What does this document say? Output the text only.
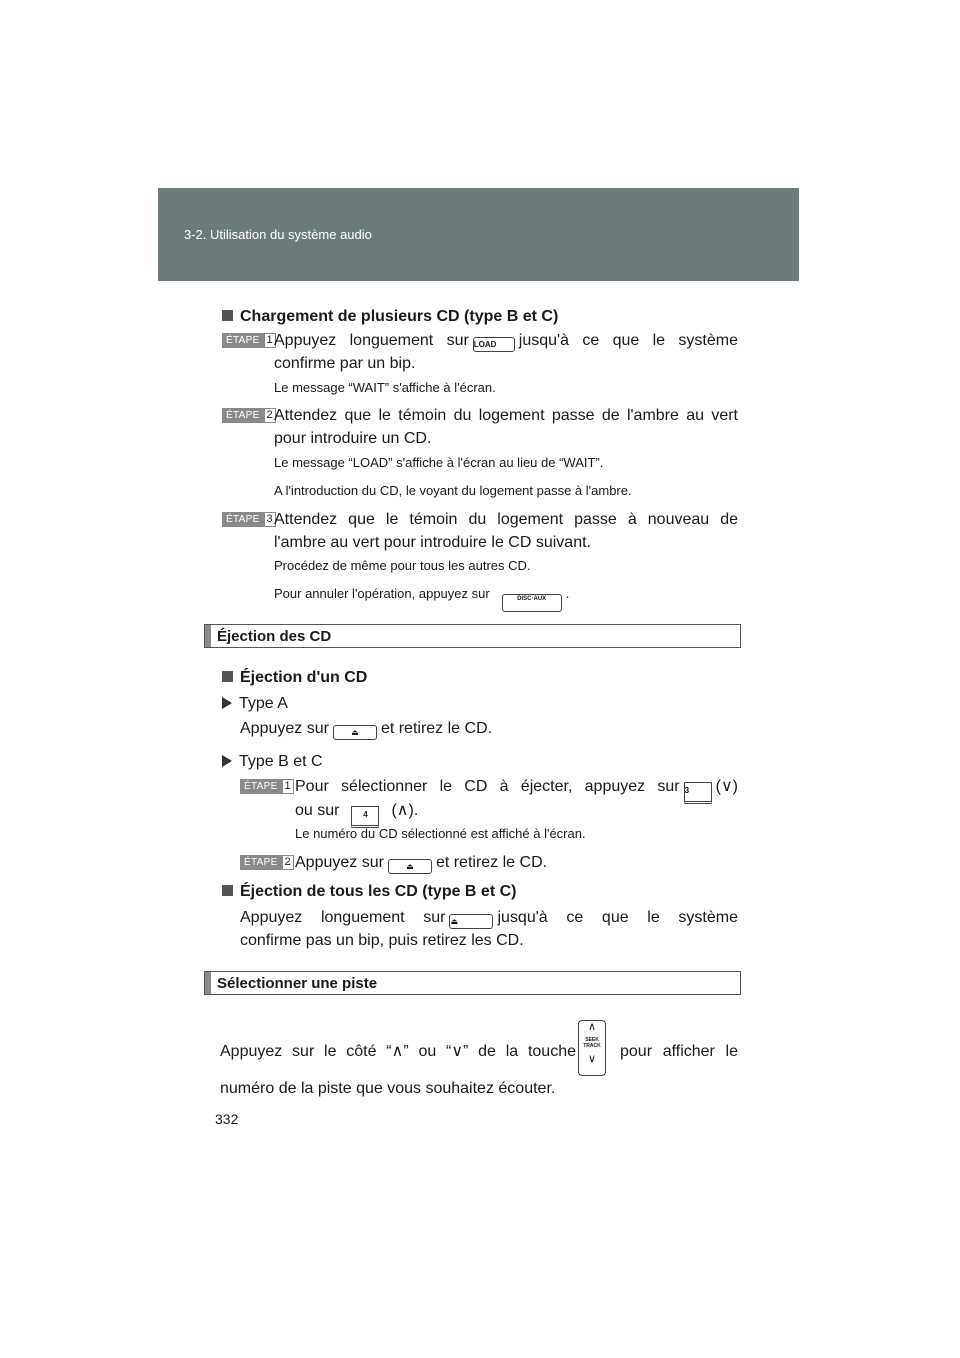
3-2. Utilisation du système audio
Chargement de plusieurs CD (type B et C)
ÉTAPE 1 Appuyez longuement sur LOAD jusqu'à ce que le système
confirme par un bip.
Le message “WAIT” s'affiche à l'écran.
ÉTAPE 2 Attendez que le témoin du logement passe de l'ambre au vert
pour introduire un CD.
Le message “LOAD” s'affiche à l'écran au lieu de “WAIT”.
A l'introduction du CD, le voyant du logement passe à l'ambre.
ÉTAPE 3 Attendez que le témoin du logement passe à nouveau de
l'ambre au vert pour introduire le CD suivant.
Procédez de même pour tous les autres CD.
Pour annuler l'opération, appuyez sur	DISC·AUX .
Éjection des CD
Éjection d'un CD
Type A
Appuyez sur	⏏ et retirez le CD.
Type B et C
ÉTAPE 1 Pour sélectionner le CD à éjecter, appuyez sur 3 (∨)
ou sur	4 (∧).
Le numéro du CD sélectionné est affiché à l'écran.
ÉTAPE 2 Appuyez sur	⏏ et retirez le CD.
Éjection de tous les CD (type B et C)
Appuyez longuement sur ⏏ jusqu'à ce que le système
confirme pas un bip, puis retirez les CD.
Sélectionner une piste
Appuyez sur le côté “∧” ou “∨” de la touche
∧
SEEK TRACK
∨	pour afficher le
numéro de la piste que vous souhaitez écouter.
332
